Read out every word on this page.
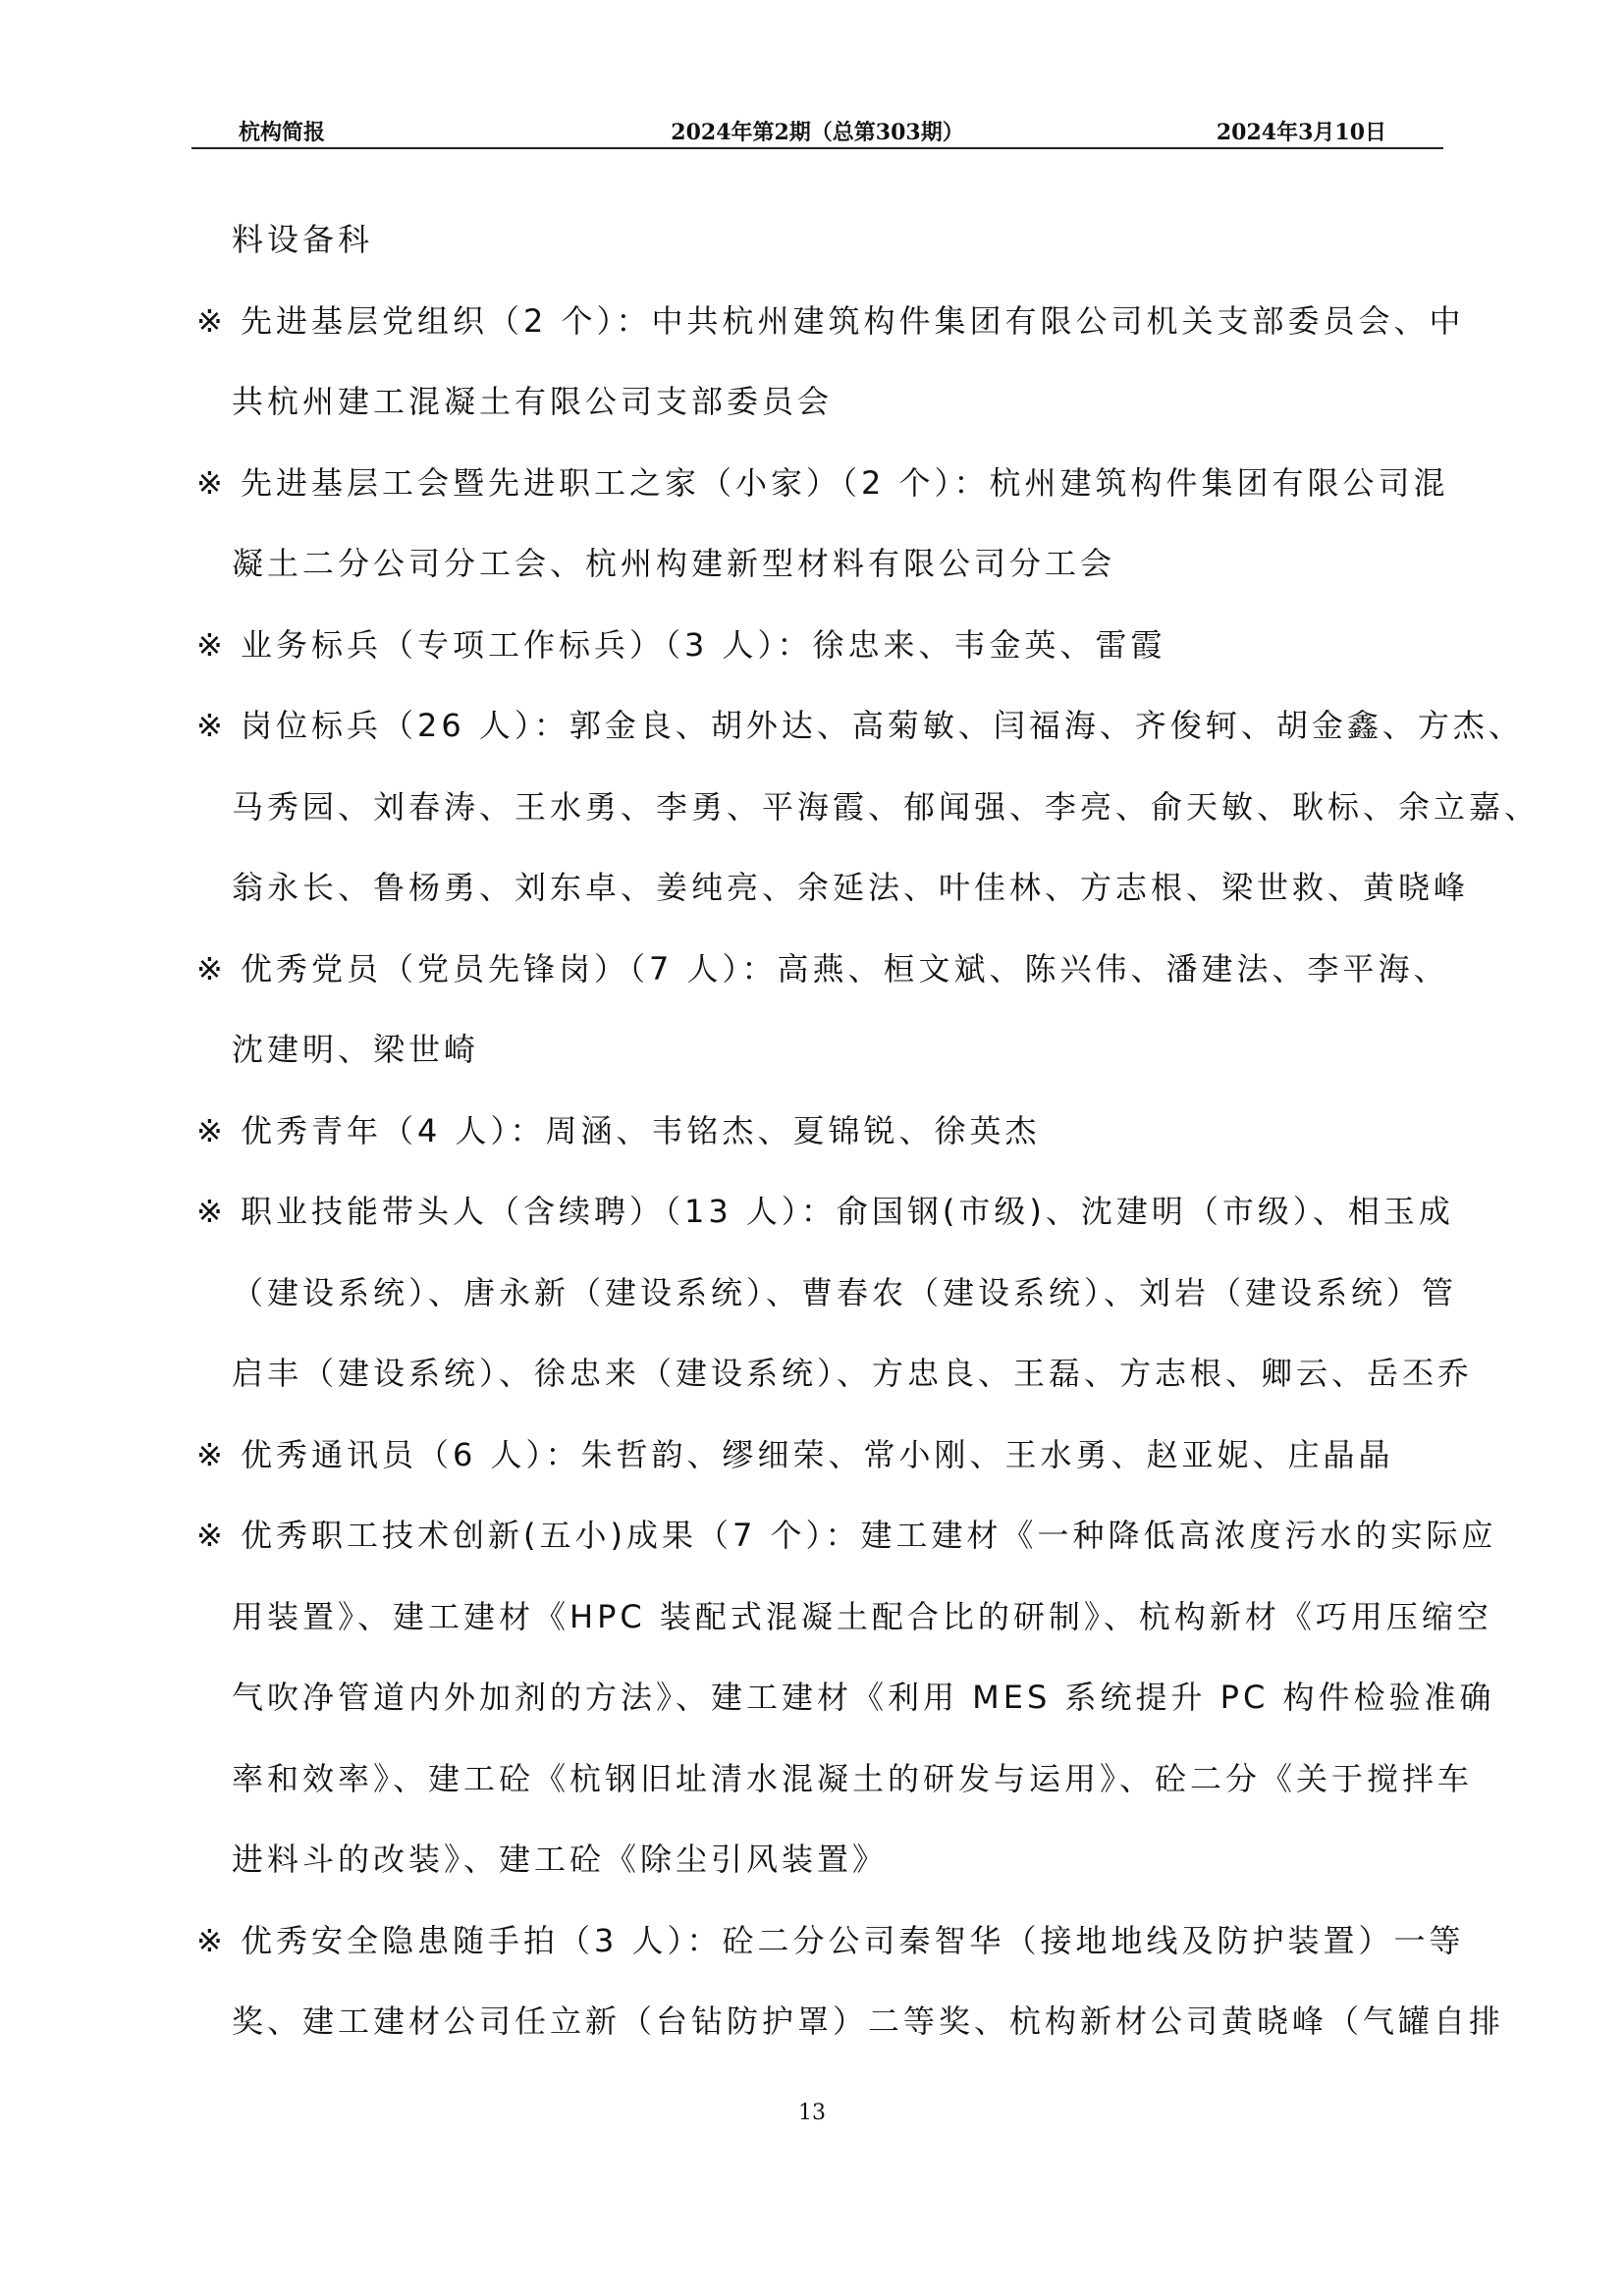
杭构简报	2024年第2期（总第303期）	2024年3月10日
料设备科
※ 先进基层党组织（2 个）：中共杭州建筑构件集团有限公司机关支部委员会、中
共杭州建工混凝土有限公司支部委员会
※ 先进基层工会暨先进职工之家（小家）（2 个）：杭州建筑构件集团有限公司混
凝土二分公司分工会、杭州构建新型材料有限公司分工会
※ 业务标兵（专项工作标兵）（3 人）：徐忠来、韦金英、雷霞
※ 岗位标兵（26 人）：郭金良、胡外达、高菊敏、闫福海、齐俊轲、胡金鑫、方杰、
马秀园、刘春涛、王水勇、李勇、平海霞、郁闻强、李亮、俞天敏、耿标、余立嘉、
翁永长、鲁杨勇、刘东卓、姜纯亮、余延法、叶佳林、方志根、梁世救、黄晓峰
※ 优秀党员（党员先锋岗）（7 人）：高燕、桓文斌、陈兴伟、潘建法、李平海、
沈建明、梁世崎
※ 优秀青年（4 人）：周涵、韦铭杰、夏锦锐、徐英杰
※ 职业技能带头人（含续聘）（13 人）：俞国钢(市级)、沈建明（市级）、相玉成
（建设系统）、唐永新（建设系统）、曹春农（建设系统）、刘岩（建设系统）管
启丰（建设系统）、徐忠来（建设系统）、方忠良、王磊、方志根、卿云、岳丕乔
※ 优秀通讯员（6 人）：朱哲韵、缪细荣、常小刚、王水勇、赵亚妮、庄晶晶
※ 优秀职工技术创新(五小)成果（7 个）：建工建材《一种降低高浓度污水的实际应
用装置》、建工建材《HPC 装配式混凝土配合比的研制》、杭构新材《巧用压缩空
气吹净管道内外加剂的方法》、建工建材《利用 MES 系统提升 PC 构件检验准确
率和效率》、建工砼《杭钢旧址清水混凝土的研发与运用》、砼二分《关于搅拌车
进料斗的改装》、建工砼《除尘引风装置》
※ 优秀安全隐患随手拍（3 人）：砼二分公司秦智华（接地地线及防护装置）一等
奖、建工建材公司任立新（台钻防护罩）二等奖、杭构新材公司黄晓峰（气罐自排
13
